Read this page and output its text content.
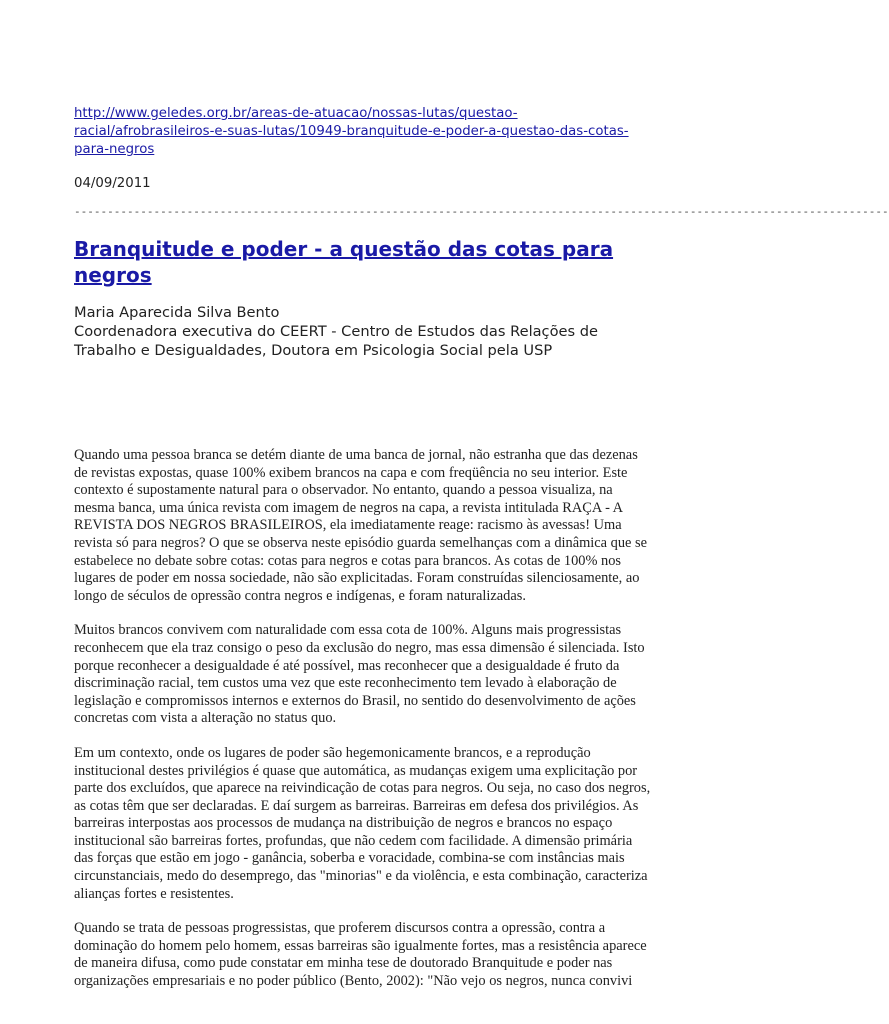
http://www.geledes.org.br/areas-de-atuacao/nossas-lutas/questao-
racial/afrobrasileiros-e-suas-lutas/10949-branquitude-e-poder-a-questao-das-cotas-
para-negros
04/09/2011
---------------------------------------------------------------------------------------------------------------------------
Branquitude e poder - a questão das cotas para
negros
Maria Aparecida Silva Bento
Coordenadora executiva do CEERT - Centro de Estudos das Relações de
Trabalho e Desigualdades, Doutora em Psicologia Social pela USP

Quando uma pessoa branca se detém diante de uma banca de jornal, não estranha que das dezenas
de revistas expostas, quase 100% exibem brancos na capa e com freqüência no seu interior. Este
contexto é supostamente natural para o observador. No entanto, quando a pessoa visualiza, na
mesma banca, uma única revista com imagem de negros na capa, a revista intitulada RAÇA - A
REVISTA DOS NEGROS BRASILEIROS, ela imediatamente reage: racismo às avessas! Uma
revista só para negros? O que se observa neste episódio guarda semelhanças com a dinâmica que se
estabelece no debate sobre cotas: cotas para negros e cotas para brancos. As cotas de 100% nos
lugares de poder em nossa sociedade, não são explicitadas. Foram construídas silenciosamente, ao
longo de séculos de opressão contra negros e indígenas, e foram naturalizadas.

Muitos brancos convivem com naturalidade com essa cota de 100%. Alguns mais progressistas
reconhecem que ela traz consigo o peso da exclusão do negro, mas essa dimensão é silenciada. Isto
porque reconhecer a desigualdade é até possível, mas reconhecer que a desigualdade é fruto da
discriminação racial, tem custos uma vez que este reconhecimento tem levado à elaboração de
legislação e compromissos internos e externos do Brasil, no sentido do desenvolvimento de ações
concretas com vista a alteração no status quo.

Em um contexto, onde os lugares de poder são hegemonicamente brancos, e a reprodução
institucional destes privilégios é quase que automática, as mudanças exigem uma explicitação por
parte dos excluídos, que aparece na reivindicação de cotas para negros. Ou seja, no caso dos negros,
as cotas têm que ser declaradas. E daí surgem as barreiras. Barreiras em defesa dos privilégios. As
barreiras interpostas aos processos de mudança na distribuição de negros e brancos no espaço
institucional são barreiras fortes, profundas, que não cedem com facilidade. A dimensão primária
das forças que estão em jogo - ganância, soberba e voracidade, combina-se com instâncias mais
circunstanciais, medo do desemprego, das "minorias" e da violência, e esta combinação, caracteriza
alianças fortes e resistentes.

Quando se trata de pessoas progressistas, que proferem discursos contra a opressão, contra a
dominação do homem pelo homem, essas barreiras são igualmente fortes, mas a resistência aparece
de maneira difusa, como pude constatar em minha tese de doutorado Branquitude e poder nas
organizações empresariais e no poder público (Bento, 2002): "Não vejo os negros, nunca convivi
